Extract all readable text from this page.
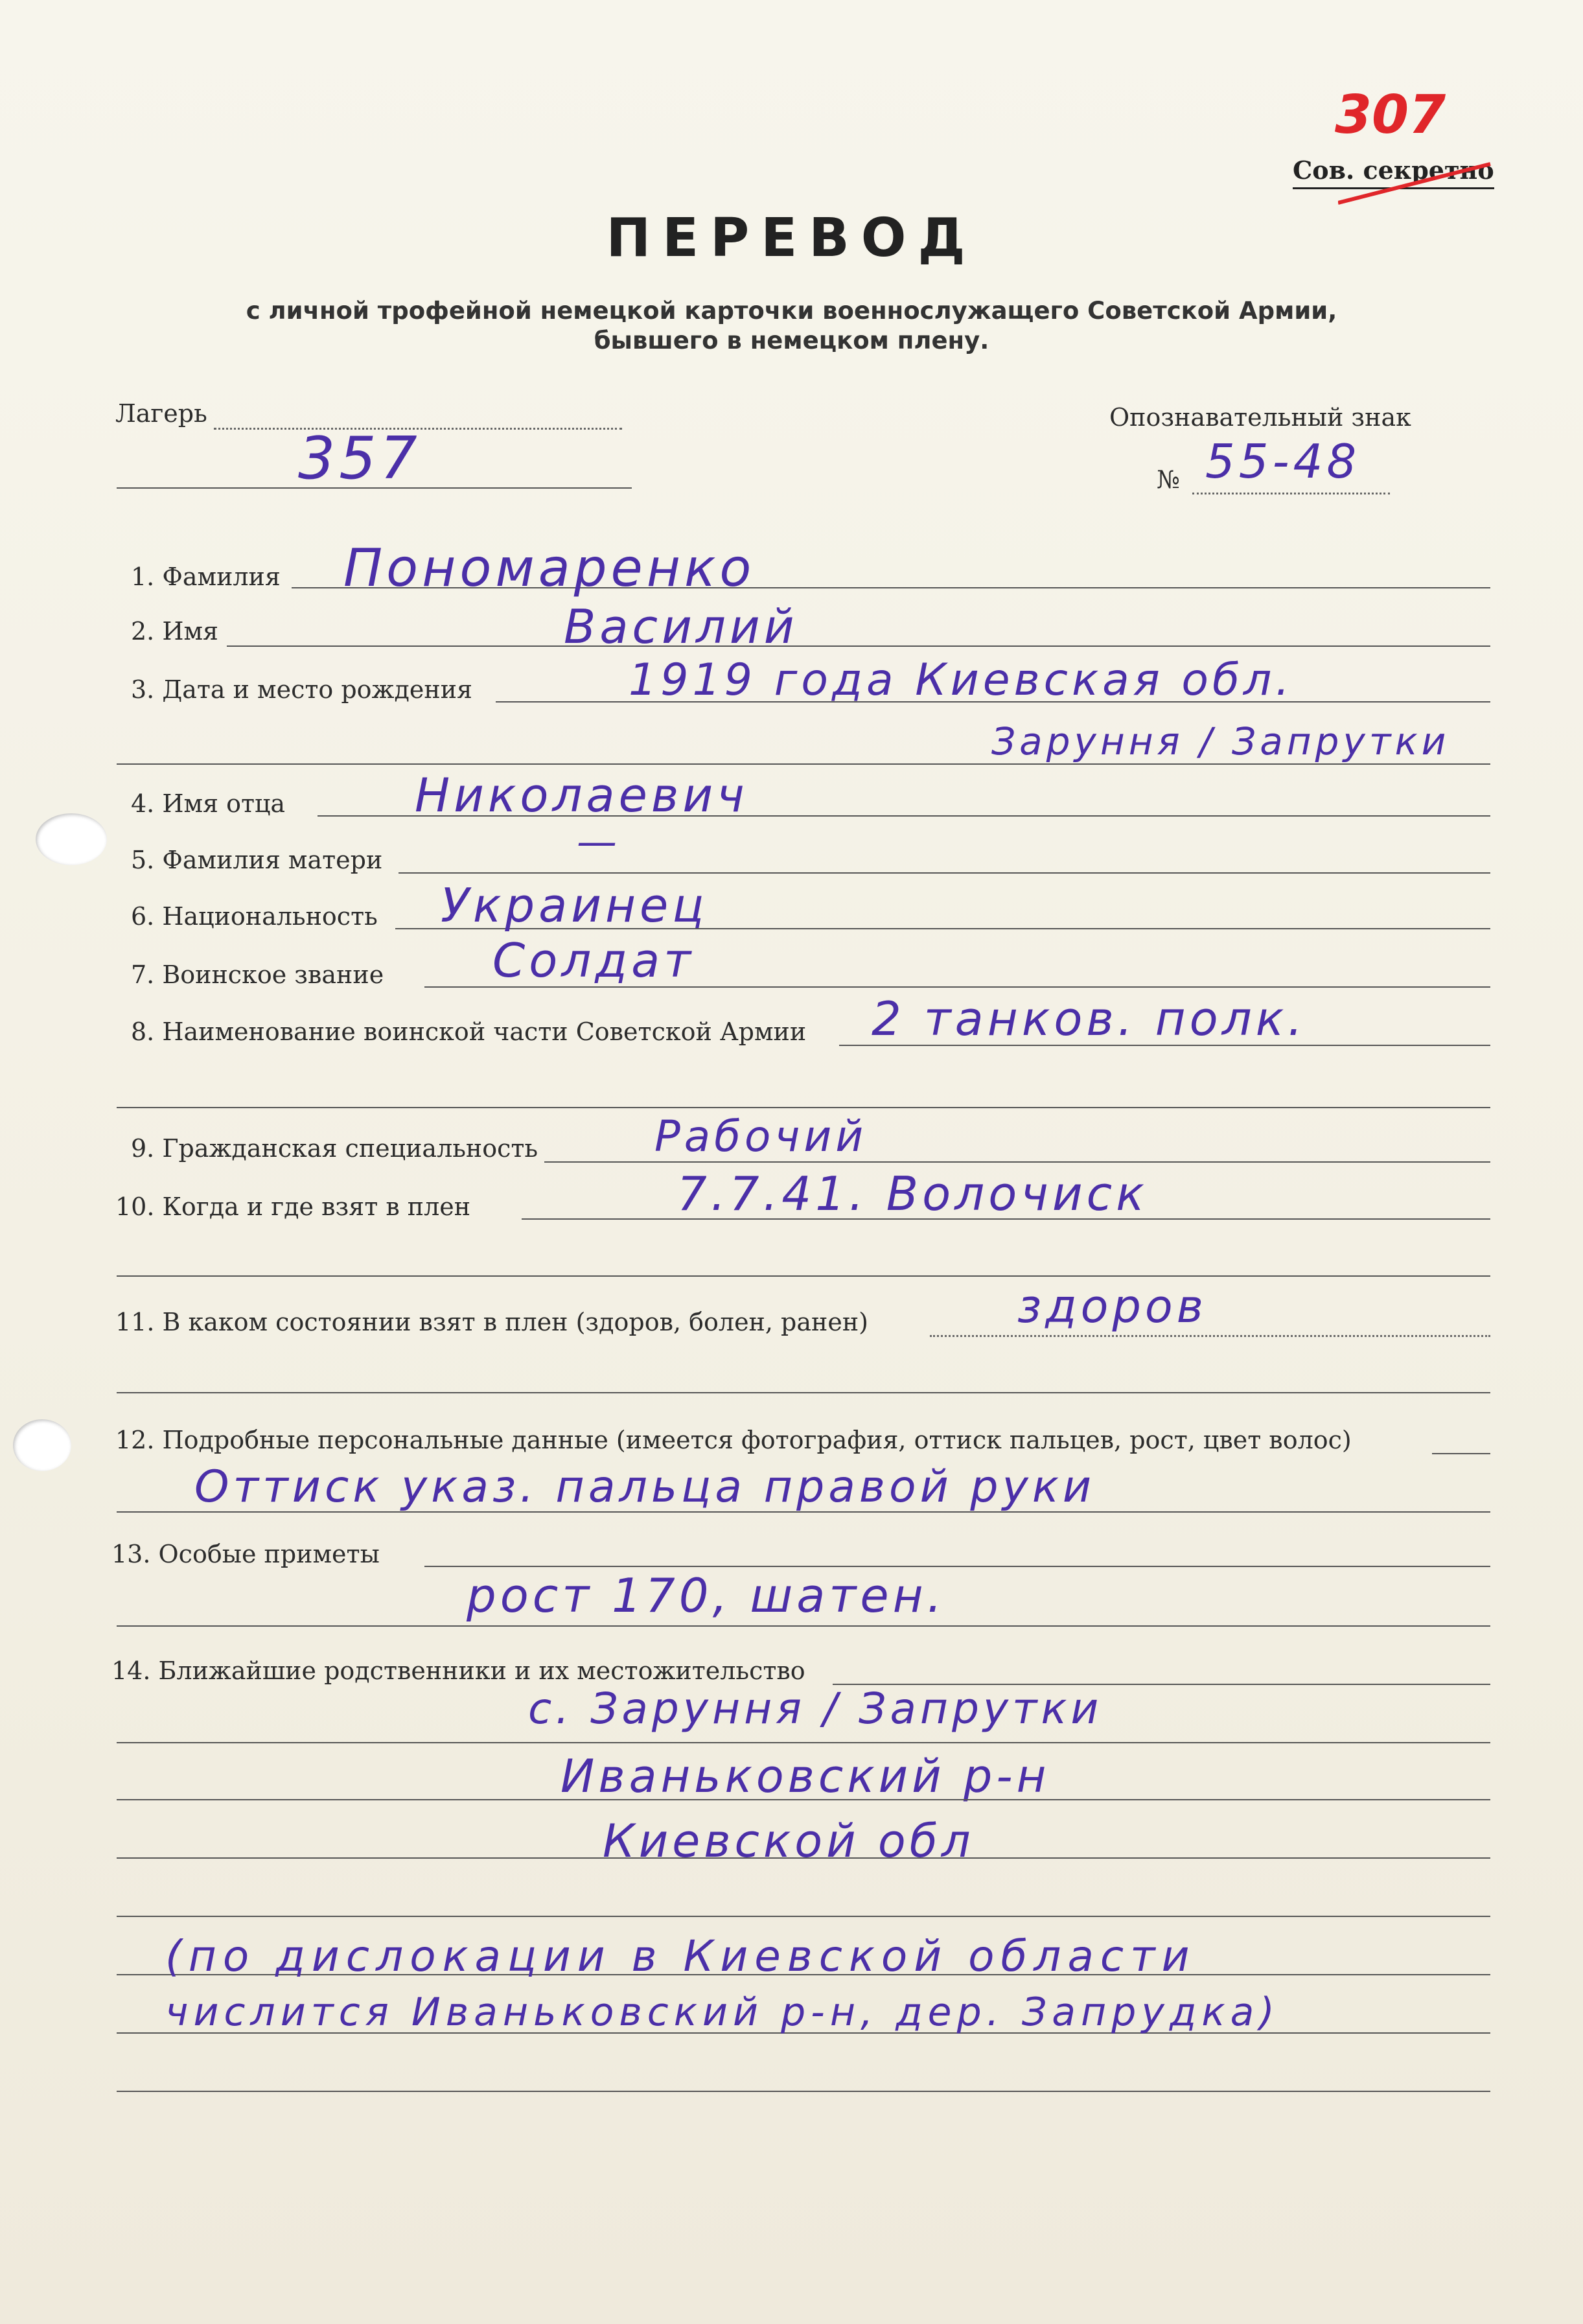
307
Сов. секретно
ПЕРЕВОД
с личной трофейной немецкой карточки военнослужащего Советской Армии,
бывшего в немецком плену.
Лагерь
357
Опознавательный знак
№ 55-48
1. Фамилия Пономаренко
2. Имя	Василий
3. Дата и место рождения	1919 года Киевская обл.
Заруння / Запрутки
4. Имя отца	Николаевич
5. Фамилия матери	—
6. Национальность Украинец
7. Воинское звание Солдат
8. Наименование воинской части Советской Армии 2 танков. полк.
9. Гражданская специальность	Рабочий
10. Когда и где взят в плен	7.7.41. Волочиск
11. В каком состоянии взят в плен (здоров, болен, ранен)	здоров
12. Подробные персональные данные (имеется фотография, оттиск пальцев, рост, цвет волос)
Оттиск указ. пальца правой руки
13. Особые приметы
рост 170, шатен.
14. Ближайшие родственники и их местожительство
с. Заруння / Запрутки
Иваньковский р-н
Киевской обл
(по дислокации в Киевской области
числится Иваньковский р-н, дер. Запрудка)
